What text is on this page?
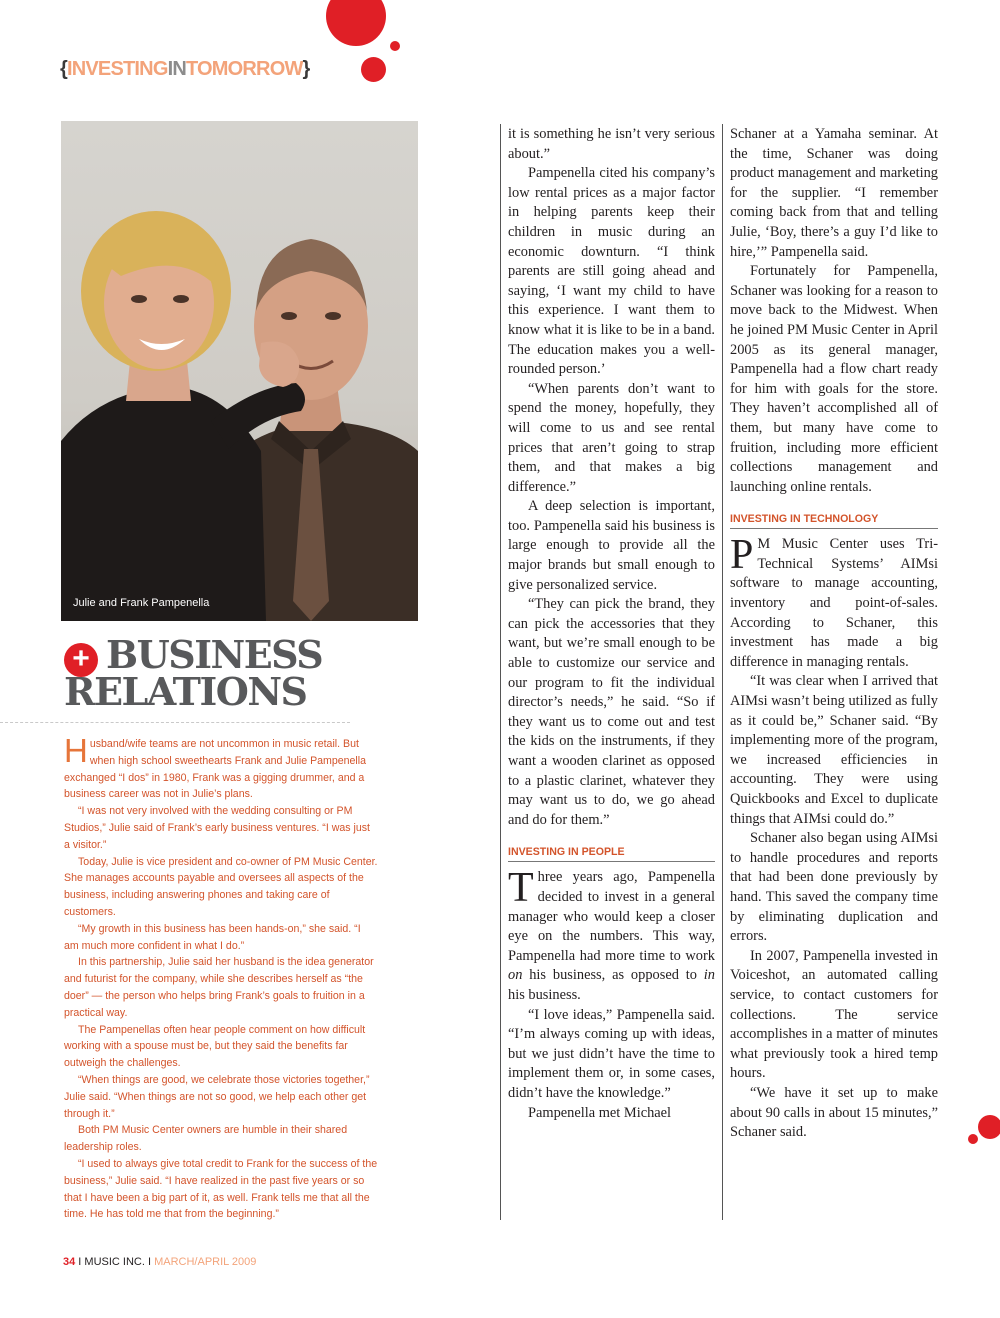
{INVESTINGINTOMORROW}
Julie and Frank Pampenella
+ BUSINESS
RELATIONS

Husband/wife teams are not uncommon in music retail. But when high school sweethearts Frank and Julie Pampenella exchanged “I dos” in 1980, Frank was a gigging drummer, and a business career was not in Julie’s plans.

“I was not very involved with the wedding consulting or PM Studios,” Julie said of Frank’s early business ventures. “I was just a visitor.”

Today, Julie is vice president and co-owner of PM Music Center. She manages accounts payable and oversees all aspects of the business, including answering phones and taking care of customers.

“My growth in this business has been hands-on,” she said. “I am much more confident in what I do.”

In this partnership, Julie said her husband is the idea generator and futurist for the company, while she describes herself as “the doer” — the person who helps bring Frank’s goals to fruition in a practical way.

The Pampenellas often hear people comment on how difficult working with a spouse must be, but they said the benefits far outweigh the challenges.

“When things are good, we celebrate those victories together,” Julie said. “When things are not so good, we help each other get through it.”

Both PM Music Center owners are humble in their shared leadership roles.

“I used to always give total credit to Frank for the success of the business,” Julie said. “I have realized in the past five years or so that I have been a big part of it, as well. Frank tells me that all the time. He has told me that from the beginning.”

it is something he isn’t very serious about.”

Pampenella cited his company’s low rental prices as a major factor in helping parents keep their children in music during an economic downturn. “I think parents are still going ahead and saying, ‘I want my child to have this experience. I want them to know what it is like to be in a band. The education makes you a well-rounded person.’

“When parents don’t want to spend the money, hopefully, they will come to us and see rental prices that aren’t going to strap them, and that makes a big difference.”

A deep selection is important, too. Pampenella said his business is large enough to provide all the major brands but small enough to give personalized service.

“They can pick the brand, they can pick the accessories that they want, but we’re small enough to be able to customize our service and our program to fit the individual director’s needs,” he said. “So if they want us to come out and test the kids on the instruments, if they want a wooden clarinet as opposed to a plastic clarinet, whatever they may want us to do, we go ahead and do for them.”

INVESTING IN PEOPLE

Three years ago, Pampenella decided to invest in a general manager who would keep a closer eye on the numbers. This way, Pampenella had more time to work on his business, as opposed to in his business.

“I love ideas,” Pampenella said. “I’m always coming up with ideas, but we just didn’t have the time to implement them or, in some cases, didn’t have the knowledge.”

Pampenella met Michael

Schaner at a Yamaha seminar. At the time, Schaner was doing product management and marketing for the supplier. “I remember coming back from that and telling Julie, ‘Boy, there’s a guy I’d like to hire,’” Pampenella said.

Fortunately for Pampenella, Schaner was looking for a reason to move back to the Midwest. When he joined PM Music Center in April 2005 as its general manager, Pampenella had a flow chart ready for him with goals for the store. They haven’t accomplished all of them, but many have come to fruition, including more efficient collections management and launching online rentals.

INVESTING IN TECHNOLOGY

P M Music Center uses Tri-Technical Systems’ AIMsi software to manage accounting, inventory and point-of-sales. According to Schaner, this investment has made a big difference in managing rentals.

“It was clear when I arrived that AIMsi wasn’t being utilized as fully as it could be,” Schaner said. “By implementing more of the program, we increased efficiencies in accounting. They were using Quickbooks and Excel to duplicate things that AIMsi could do.”

Schaner also began using AIMsi to handle procedures and reports that had been done previously by hand. This saved the company time by eliminating duplication and errors.

In 2007, Pampenella invested in Voiceshot, an automated calling service, to contact customers for collections. The service accomplishes in a matter of minutes what previously took a hired temp hours.

“We have it set up to make about 90 calls in about 15 minutes,” Schaner said.

34 I MUSIC INC. I MARCH/APRIL 2009
